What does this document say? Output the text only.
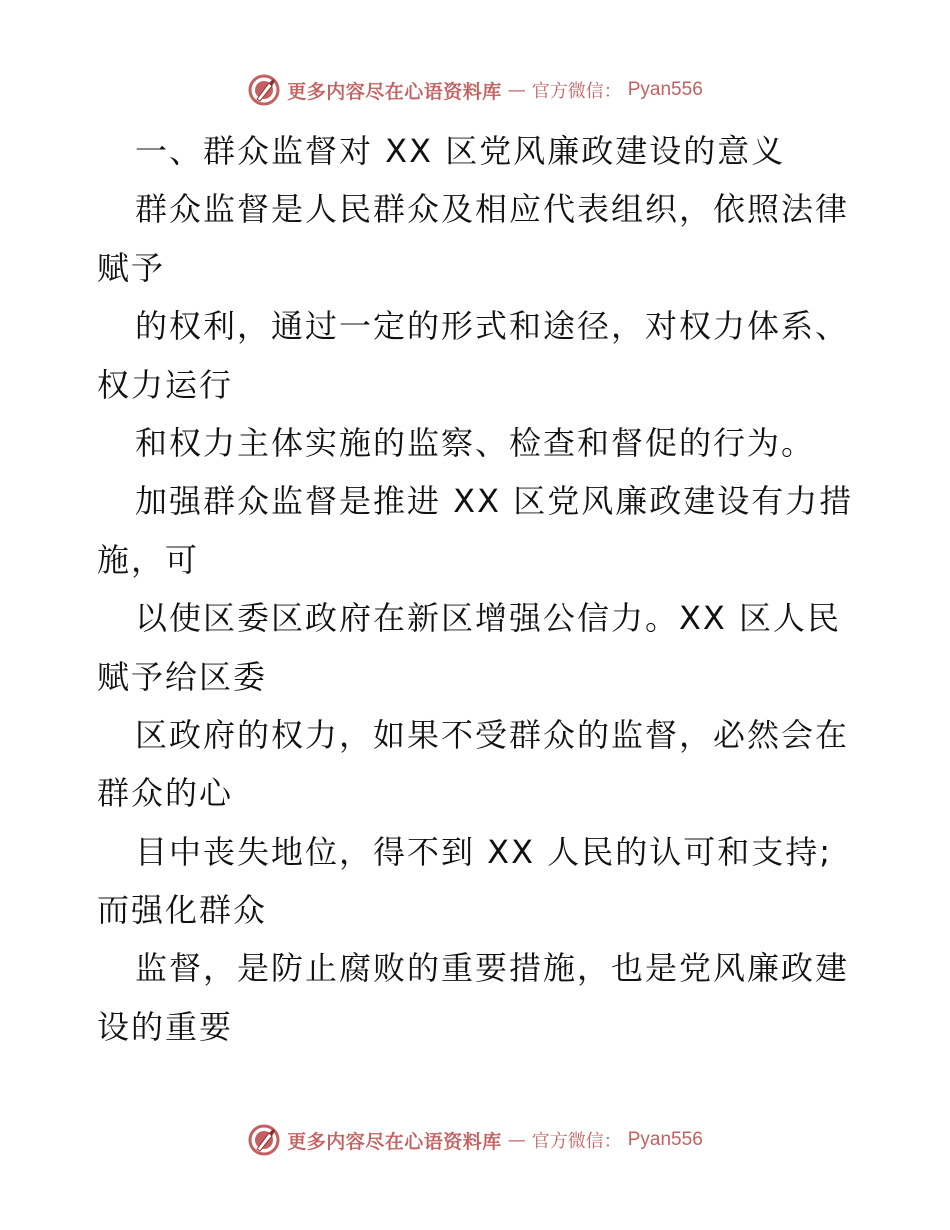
更多内容尽在心语资料库 — 官方微信： Pyan556
一、群众监督对 XX 区党风廉政建设的意义
群众监督是人民群众及相应代表组织，依照法律
赋予
的权利，通过一定的形式和途径，对权力体系、
权力运行
和权力主体实施的监察、检查和督促的行为。
加强群众监督是推进 XX 区党风廉政建设有力措
施，可
以使区委区政府在新区增强公信力。XX 区人民
赋予给区委
区政府的权力，如果不受群众的监督，必然会在
群众的心
目中丧失地位，得不到 XX 人民的认可和支持;
而强化群众
监督，是防止腐败的重要措施，也是党风廉政建
设的重要
更多内容尽在心语资料库 — 官方微信： Pyan556
